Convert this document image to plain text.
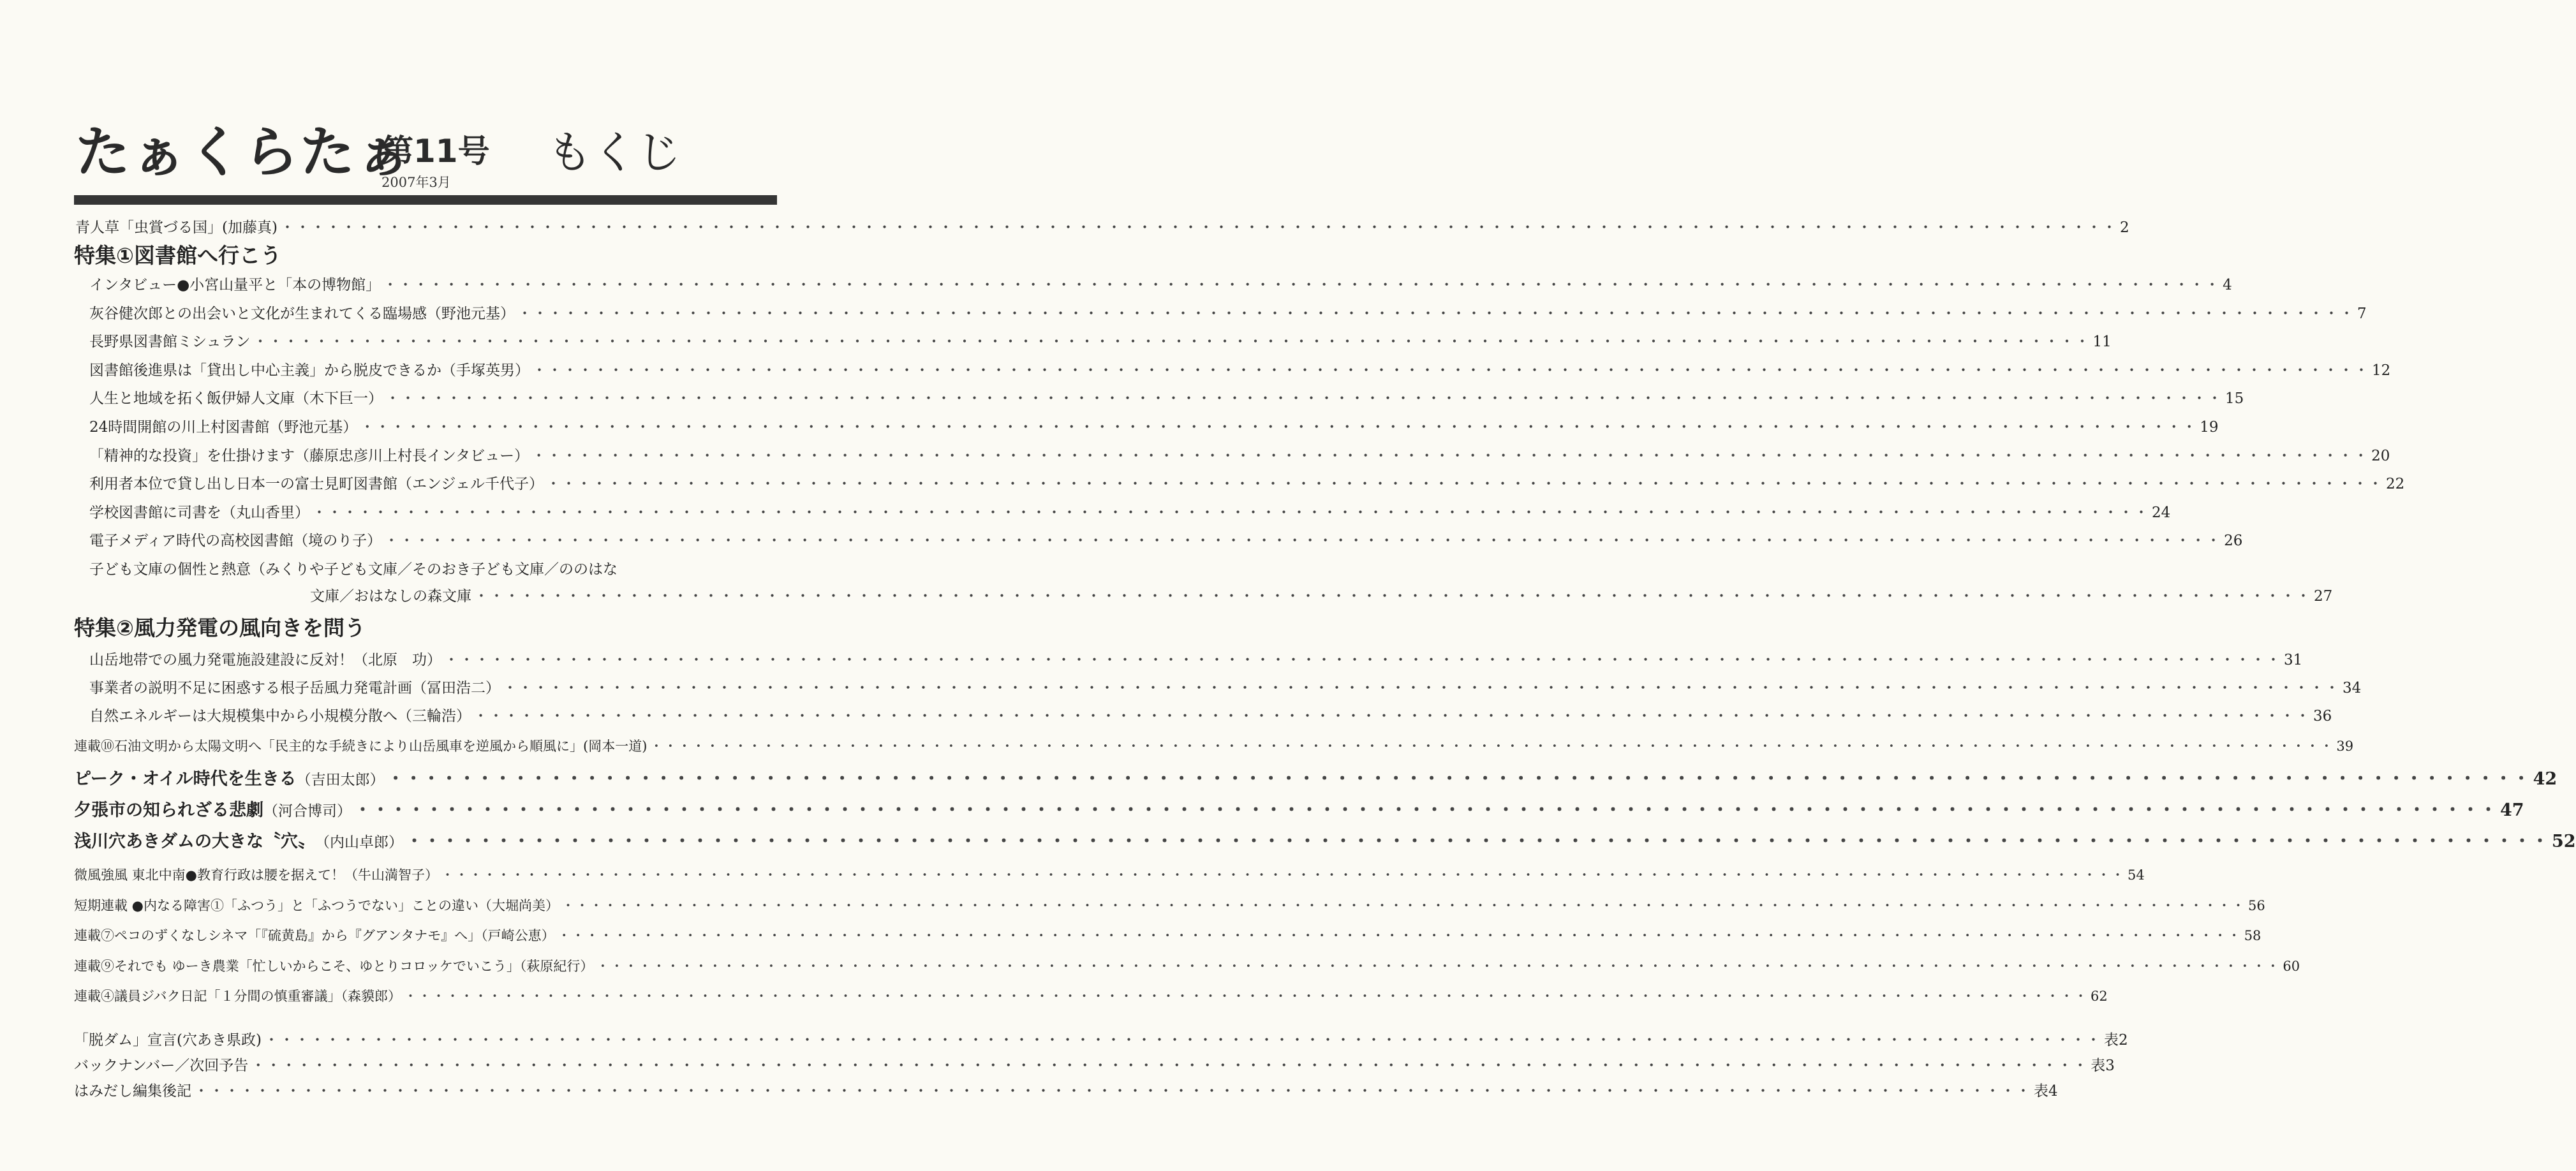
たぁくらたぁ
第11号
2007年3月
もくじ
青人草「虫賞づる国」(加藤真) ・・・・・・・・・・・・・・・・・・・・・・・・・・・・・・・・・・・・・・・・・・・・・・・・・・・・・・・・・・・・・・・・・・・・・・・・・・・・・・・・・・・・・・・・・・・・・・・・・・・・・・・・・・・・・・・・・・・・・・・・ 2
特集①図書館へ行こう
インタビュー●小宮山量平と「本の博物館」 ・・・・・・・・・・・・・・・・・・・・・・・・・・・・・・・・・・・・・・・・・・・・・・・・・・・・・・・・・・・・・・・・・・・・・・・・・・・・・・・・・・・・・・・・・・・・・・・・・・・・・・・・・・・・・・・・・・・・・・・・ 4
灰谷健次郎との出会いと文化が生まれてくる臨場感（野池元基） ・・・・・・・・・・・・・・・・・・・・・・・・・・・・・・・・・・・・・・・・・・・・・・・・・・・・・・・・・・・・・・・・・・・・・・・・・・・・・・・・・・・・・・・・・・・・・・・・・・・・・・・・・・・・・・・・・・・・・・・・ 7
長野県図書館ミシュラン ・・・・・・・・・・・・・・・・・・・・・・・・・・・・・・・・・・・・・・・・・・・・・・・・・・・・・・・・・・・・・・・・・・・・・・・・・・・・・・・・・・・・・・・・・・・・・・・・・・・・・・・・・・・・・・・・・・・・・・・・ 11
図書館後進県は「貸出し中心主義」から脱皮できるか（手塚英男） ・・・・・・・・・・・・・・・・・・・・・・・・・・・・・・・・・・・・・・・・・・・・・・・・・・・・・・・・・・・・・・・・・・・・・・・・・・・・・・・・・・・・・・・・・・・・・・・・・・・・・・・・・・・・・・・・・・・・・・・・ 12
人生と地域を拓く飯伊婦人文庫（木下巨一） ・・・・・・・・・・・・・・・・・・・・・・・・・・・・・・・・・・・・・・・・・・・・・・・・・・・・・・・・・・・・・・・・・・・・・・・・・・・・・・・・・・・・・・・・・・・・・・・・・・・・・・・・・・・・・・・・・・・・・・・・ 15
24時間開館の川上村図書館（野池元基） ・・・・・・・・・・・・・・・・・・・・・・・・・・・・・・・・・・・・・・・・・・・・・・・・・・・・・・・・・・・・・・・・・・・・・・・・・・・・・・・・・・・・・・・・・・・・・・・・・・・・・・・・・・・・・・・・・・・・・・・・ 19
「精神的な投資」を仕掛けます（藤原忠彦川上村長インタビュー） ・・・・・・・・・・・・・・・・・・・・・・・・・・・・・・・・・・・・・・・・・・・・・・・・・・・・・・・・・・・・・・・・・・・・・・・・・・・・・・・・・・・・・・・・・・・・・・・・・・・・・・・・・・・・・・・・・・・・・・・・ 20
利用者本位で貸し出し日本一の富士見町図書館（エンジェル千代子） ・・・・・・・・・・・・・・・・・・・・・・・・・・・・・・・・・・・・・・・・・・・・・・・・・・・・・・・・・・・・・・・・・・・・・・・・・・・・・・・・・・・・・・・・・・・・・・・・・・・・・・・・・・・・・・・・・・・・・・・・ 22
学校図書館に司書を（丸山香里） ・・・・・・・・・・・・・・・・・・・・・・・・・・・・・・・・・・・・・・・・・・・・・・・・・・・・・・・・・・・・・・・・・・・・・・・・・・・・・・・・・・・・・・・・・・・・・・・・・・・・・・・・・・・・・・・・・・・・・・・・ 24
電子メディア時代の高校図書館（境のり子） ・・・・・・・・・・・・・・・・・・・・・・・・・・・・・・・・・・・・・・・・・・・・・・・・・・・・・・・・・・・・・・・・・・・・・・・・・・・・・・・・・・・・・・・・・・・・・・・・・・・・・・・・・・・・・・・・・・・・・・・・ 26
子ども文庫の個性と熱意（みくりや子ども文庫／そのおき子ども文庫／ののはな
文庫／おはなしの森文庫 ・・・・・・・・・・・・・・・・・・・・・・・・・・・・・・・・・・・・・・・・・・・・・・・・・・・・・・・・・・・・・・・・・・・・・・・・・・・・・・・・・・・・・・・・・・・・・・・・・・・・・・・・・・・・・・・・・・・・・・・・ 27
特集②風力発電の風向きを問う
山岳地帯での風力発電施設建設に反対！（北原　功） ・・・・・・・・・・・・・・・・・・・・・・・・・・・・・・・・・・・・・・・・・・・・・・・・・・・・・・・・・・・・・・・・・・・・・・・・・・・・・・・・・・・・・・・・・・・・・・・・・・・・・・・・・・・・・・・・・・・・・・・・ 31
事業者の説明不足に困惑する根子岳風力発電計画（冨田浩二） ・・・・・・・・・・・・・・・・・・・・・・・・・・・・・・・・・・・・・・・・・・・・・・・・・・・・・・・・・・・・・・・・・・・・・・・・・・・・・・・・・・・・・・・・・・・・・・・・・・・・・・・・・・・・・・・・・・・・・・・・ 34
自然エネルギーは大規模集中から小規模分散へ（三輪浩） ・・・・・・・・・・・・・・・・・・・・・・・・・・・・・・・・・・・・・・・・・・・・・・・・・・・・・・・・・・・・・・・・・・・・・・・・・・・・・・・・・・・・・・・・・・・・・・・・・・・・・・・・・・・・・・・・・・・・・・・・ 36
連載⑩石油文明から太陽文明へ「民主的な手続きにより山岳風車を逆風から順風に」(岡本一道) ・・・・・・・・・・・・・・・・・・・・・・・・・・・・・・・・・・・・・・・・・・・・・・・・・・・・・・・・・・・・・・・・・・・・・・・・・・・・・・・・・・・・・・・・・・・・・・・・・・・・・・・・・・・・・・・・・・・・・・・・ 39
ピーク・オイル時代を生きる （吉田太郎） ・・・・・・・・・・・・・・・・・・・・・・・・・・・・・・・・・・・・・・・・・・・・・・・・・・・・・・・・・・・・・・・・・・・・・・・・・・・・・・・・・・・・・・・・・・・・・・・・・・・・・・・・・・・・・・・・・・・・・・・・ 42
夕張市の知られざる悲劇 （河合博司） ・・・・・・・・・・・・・・・・・・・・・・・・・・・・・・・・・・・・・・・・・・・・・・・・・・・・・・・・・・・・・・・・・・・・・・・・・・・・・・・・・・・・・・・・・・・・・・・・・・・・・・・・・・・・・・・・・・・・・・・・ 47
浅川穴あきダムの大きな〝穴〟 （内山卓郎） ・・・・・・・・・・・・・・・・・・・・・・・・・・・・・・・・・・・・・・・・・・・・・・・・・・・・・・・・・・・・・・・・・・・・・・・・・・・・・・・・・・・・・・・・・・・・・・・・・・・・・・・・・・・・・・・・・・・・・・・・ 52
微風強風 東北中南●教育行政は腰を据えて！（牛山満智子） ・・・・・・・・・・・・・・・・・・・・・・・・・・・・・・・・・・・・・・・・・・・・・・・・・・・・・・・・・・・・・・・・・・・・・・・・・・・・・・・・・・・・・・・・・・・・・・・・・・・・・・・・・・・・・・・・・・・・・・・・ 54
短期連載 ●内なる障害①「ふつう」と「ふつうでない」ことの違い（大堀尚美） ・・・・・・・・・・・・・・・・・・・・・・・・・・・・・・・・・・・・・・・・・・・・・・・・・・・・・・・・・・・・・・・・・・・・・・・・・・・・・・・・・・・・・・・・・・・・・・・・・・・・・・・・・・・・・・・・・・・・・・・・ 56
連載⑦ペコのずくなしシネマ「『硫黄島』から『グアンタナモ』へ」（戸崎公恵） ・・・・・・・・・・・・・・・・・・・・・・・・・・・・・・・・・・・・・・・・・・・・・・・・・・・・・・・・・・・・・・・・・・・・・・・・・・・・・・・・・・・・・・・・・・・・・・・・・・・・・・・・・・・・・・・・・・・・・・・・ 58
連載⑨それでも ゆーき農業「忙しいからこそ、ゆとりコロッケでいこう」（萩原紀行） ・・・・・・・・・・・・・・・・・・・・・・・・・・・・・・・・・・・・・・・・・・・・・・・・・・・・・・・・・・・・・・・・・・・・・・・・・・・・・・・・・・・・・・・・・・・・・・・・・・・・・・・・・・・・・・・・・・・・・・・・ 60
連載④議員ジバク日記「１分間の慎重審議」（森貘郎） ・・・・・・・・・・・・・・・・・・・・・・・・・・・・・・・・・・・・・・・・・・・・・・・・・・・・・・・・・・・・・・・・・・・・・・・・・・・・・・・・・・・・・・・・・・・・・・・・・・・・・・・・・・・・・・・・・・・・・・・・ 62
「脱ダム」宣言(穴あき県政) ・・・・・・・・・・・・・・・・・・・・・・・・・・・・・・・・・・・・・・・・・・・・・・・・・・・・・・・・・・・・・・・・・・・・・・・・・・・・・・・・・・・・・・・・・・・・・・・・・・・・・・・・・・・・・・・・・・・・・・・・ 表2
バックナンバー／次回予告 ・・・・・・・・・・・・・・・・・・・・・・・・・・・・・・・・・・・・・・・・・・・・・・・・・・・・・・・・・・・・・・・・・・・・・・・・・・・・・・・・・・・・・・・・・・・・・・・・・・・・・・・・・・・・・・・・・・・・・・・・ 表3
はみだし編集後記 ・・・・・・・・・・・・・・・・・・・・・・・・・・・・・・・・・・・・・・・・・・・・・・・・・・・・・・・・・・・・・・・・・・・・・・・・・・・・・・・・・・・・・・・・・・・・・・・・・・・・・・・・・・・・・・・・・・・・・・・・ 表4
